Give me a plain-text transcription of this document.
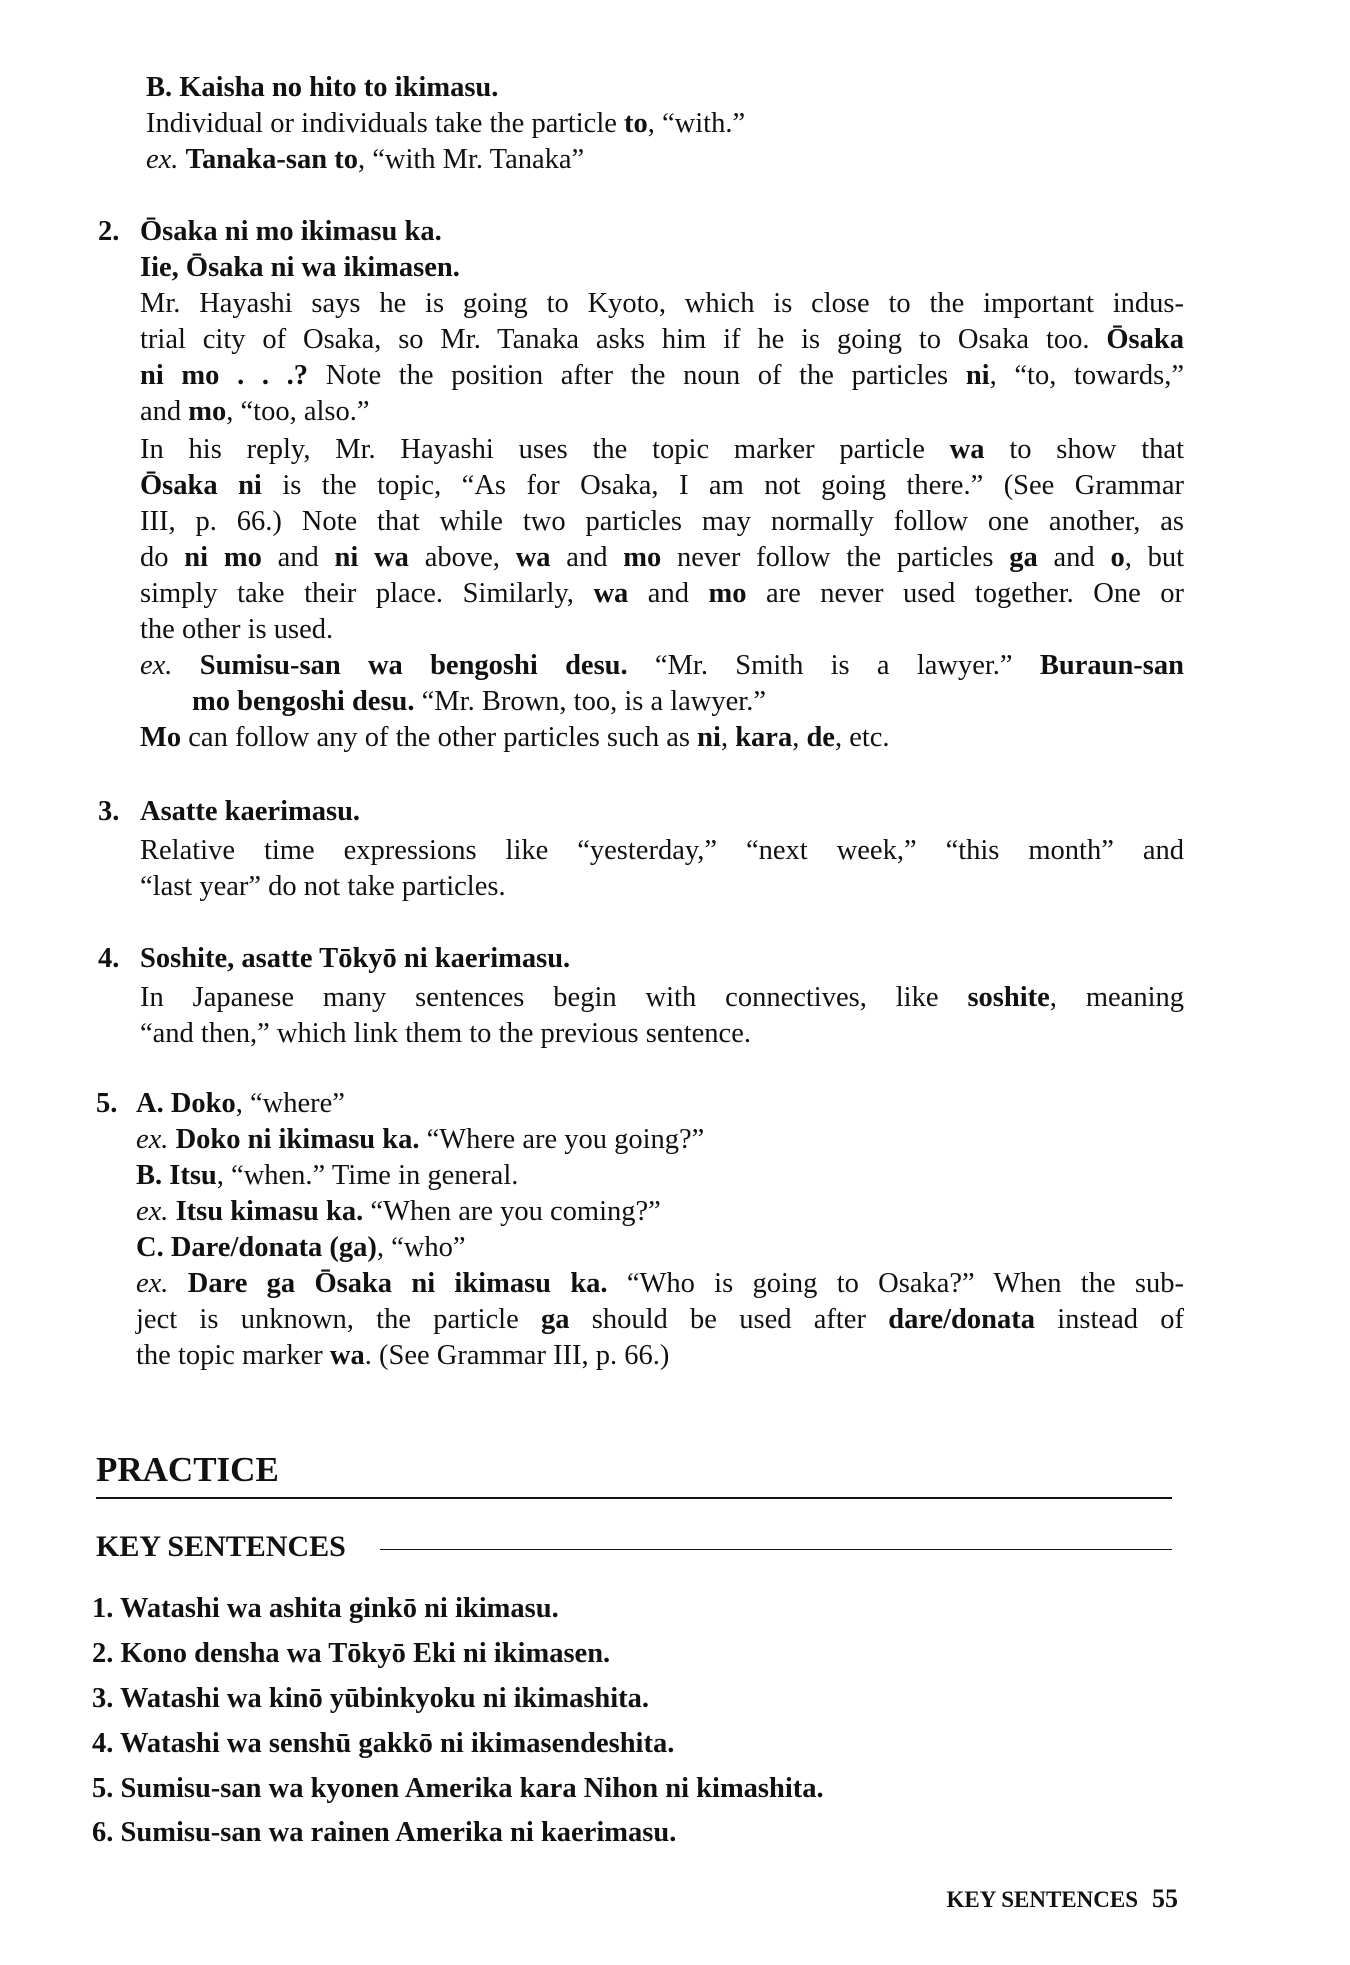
B. Kaisha no hito to ikimasu.
Individual or individuals take the particle to, “with.”
ex. Tanaka-san to, “with Mr. Tanaka”
2. Ōsaka ni mo ikimasu ka.
Iie, Ōsaka ni wa ikimasen.
Mr. Hayashi says he is going to Kyoto, which is close to the important indus-
trial city of Osaka, so Mr. Tanaka asks him if he is going to Osaka too. Ōsaka
ni mo . . .? Note the position after the noun of the particles ni, “to, towards,”
and mo, “too, also.”
In his reply, Mr. Hayashi uses the topic marker particle wa to show that
Ōsaka ni is the topic, “As for Osaka, I am not going there.” (See Grammar
III, p. 66.) Note that while two particles may normally follow one another, as
do ni mo and ni wa above, wa and mo never follow the particles ga and o, but
simply take their place. Similarly, wa and mo are never used together. One or
the other is used.
ex. Sumisu-san wa bengoshi desu. “Mr. Smith is a lawyer.” Buraun-san
mo bengoshi desu. “Mr. Brown, too, is a lawyer.”
Mo can follow any of the other particles such as ni, kara, de, etc.
3. Asatte kaerimasu.
Relative time expressions like “yesterday,” “next week,” “this month” and
“last year” do not take particles.
4. Soshite, asatte Tōkyō ni kaerimasu.
In Japanese many sentences begin with connectives, like soshite, meaning
“and then,” which link them to the previous sentence.
5. A. Doko, “where”
ex. Doko ni ikimasu ka. “Where are you going?”
B. Itsu, “when.” Time in general.
ex. Itsu kimasu ka. “When are you coming?”
C. Dare/donata (ga), “who”
ex. Dare ga Ōsaka ni ikimasu ka. “Who is going to Osaka?” When the sub-
ject is unknown, the particle ga should be used after dare/donata instead of
the topic marker wa. (See Grammar III, p. 66.)
PRACTICE
KEY SENTENCES
1. Watashi wa ashita ginkō ni ikimasu.
2. Kono densha wa Tōkyō Eki ni ikimasen.
3. Watashi wa kinō yūbinkyoku ni ikimashita.
4. Watashi wa senshū gakkō ni ikimasendeshita.
5. Sumisu-san wa kyonen Amerika kara Nihon ni kimashita.
6. Sumisu-san wa rainen Amerika ni kaerimasu.
KEY SENTENCES 55
